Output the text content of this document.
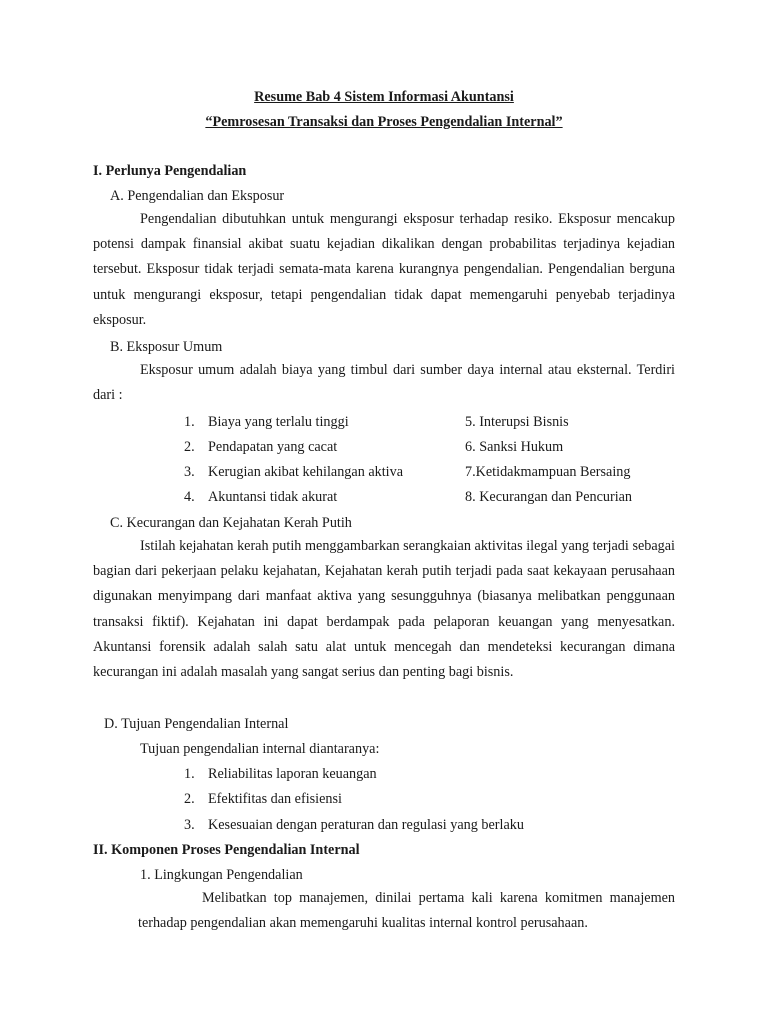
Resume Bab 4 Sistem Informasi Akuntansi
“Pemrosesan Transaksi dan Proses Pengendalian Internal”
I. Perlunya Pengendalian
A. Pengendalian dan Eksposur

Pengendalian dibutuhkan untuk mengurangi eksposur terhadap resiko. Eksposur mencakup potensi dampak finansial akibat suatu kejadian dikalikan dengan probabilitas terjadinya kejadian tersebut. Eksposur tidak terjadi semata-mata karena kurangnya pengendalian. Pengendalian berguna untuk mengurangi eksposur, tetapi pengendalian tidak dapat memengaruhi penyebab terjadinya eksposur.

B. Eksposur Umum

Eksposur umum adalah biaya yang timbul dari sumber daya internal atau eksternal. Terdiri dari :

1. Biaya yang terlalu tinggi
2. Pendapatan yang cacat
3. Kerugian akibat kehilangan aktiva
4. Akuntansi tidak akurat
5. Interupsi Bisnis
6. Sanksi Hukum
7.Ketidakmampuan Bersaing
8. Kecurangan dan Pencurian
C. Kecurangan dan Kejahatan Kerah Putih

Istilah kejahatan kerah putih menggambarkan serangkaian aktivitas ilegal yang terjadi sebagai bagian dari pekerjaan pelaku kejahatan, Kejahatan kerah putih terjadi pada saat kekayaan perusahaan digunakan menyimpang dari manfaat aktiva yang sesungguhnya (biasanya melibatkan penggunaan transaksi fiktif). Kejahatan ini dapat berdampak pada pelaporan keuangan yang menyesatkan. Akuntansi forensik adalah salah satu alat untuk mencegah dan mendeteksi kecurangan dimana kecurangan ini adalah masalah yang sangat serius dan penting bagi bisnis.

D. Tujuan Pengendalian Internal
Tujuan pengendalian internal diantaranya:
1. Reliabilitas laporan keuangan
2. Efektifitas dan efisiensi
3. Kesesuaian dengan peraturan dan regulasi yang berlaku
II. Komponen Proses Pengendalian Internal
1. Lingkungan Pengendalian

Melibatkan top manajemen, dinilai pertama kali karena komitmen manajemen terhadap pengendalian akan memengaruhi kualitas internal kontrol perusahaan.
